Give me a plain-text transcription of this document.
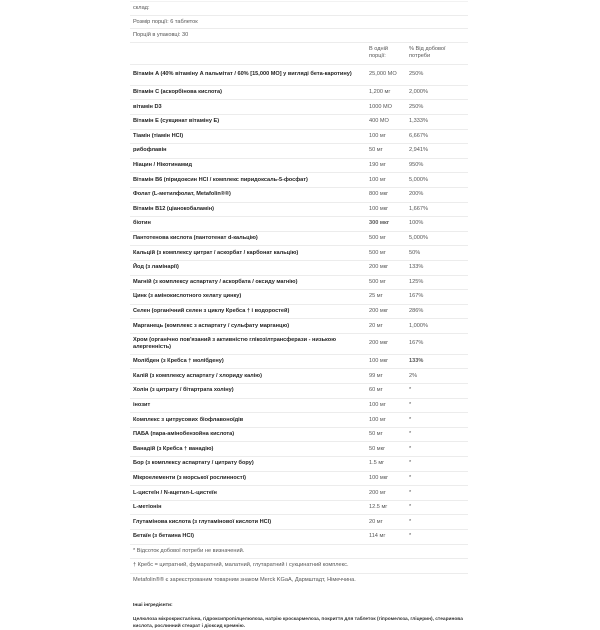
склад:
Розмір порції: 6 таблеток
Порцій в упаковці: 30
	В одній порції:	% Від добової потреби
Вітамін A (40% вітаміну A пальмітат / 60% [15,000 МО] у вигляді бета-каротину)	25,000 МО	250%
Вітамін C (аскорбінова кислота)	1,200 мг	2,000%
вітамін D3	1000 МО	250%
Вітамін E (сукцинат вітаміну E)	400 МО	1,333%
Тіамін (тіамін HCl)	100 мг	6,667%
рибофлавін	50 мг	2,941%
Ніацин / Нікотинамид	190 мг	950%
Вітамін B6 (піридоксин HCl / комплекс пиридоксаль-5-фосфат)	100 мг	5,000%
Фолат (L-метилфолат, Metafolin®®)	800 мкг	200%
Вітамін B12 (ціанокобаламін)	100 мкг	1,667%
біотин	300 мкг	100%
Пантотенова кислота (пантотенат d-кальцію)	500 мг	5,000%
Кальцій (з комплексу цитрат / аскорбат / карбонат кальцію)	500 мг	50%
Йод (з ламінарії)	200 мкг	133%
Магній (з комплексу аспартату / аскорбата / оксиду магнію)	500 мг	125%
Цинк (з амінокислотного хелату цинку)	25 мг	167%
Селен (органічний селен з циклу Кребса † і водоростей)	200 мкг	286%
Марганець (комплекс з аспартату / сульфату марганцю)	20 мг	1,000%
Хром (органічно пов'язаний з активністю глікозілтрансферази - низькою алергенність)	200 мкг	167%
Молібден (з Кребса † молібдену)	100 мкг	133%
Калій (з комплексу аспартату / хлориду калію)	99 мг	2%
Холін (з цитрату / бітартрата холіну)	60 мг	*
інозит	100 мг	*
Комплекс з цитрусових біофлавоноїдів	100 мг	*
ПАБА (пара-амінобензойна кислота)	50 мг	*
Ванадій (з Кребса † ванадію)	50 мкг	*
Бор (з комплексу аспартату / цитрату бору)	1.5 мг	*
Мікроелементи (з морської рослинності)	100 мкг	*
L-цистеїн / N-ацетил-L-цистеїн	200 мг	*
L-метіонін	12.5 мг	*
Глутамінова кислота (з глутамінової кислоти HCl)	20 мг	*
Бетаїн (з бетаина HCl)	114 мг	*
* Відсоток добової потреби не визначений.
† Кребс = цитратний, фумаратний, малатний, глутаратний і сукцинатний комплекс.
Metafolin®® є зареєстрованим товарним знаком Merck KGaA, Дармштадт, Німеччина.
Інші інгредієнти:
Целюлоза мікрокристалічна, гідроксипропілцелюлоза, натрію кроскармелоза, покриття для таблеток (гіпромелоза, гліцерин), стеаринова кислота, рослинний стеарат і діоксид кремнію.
